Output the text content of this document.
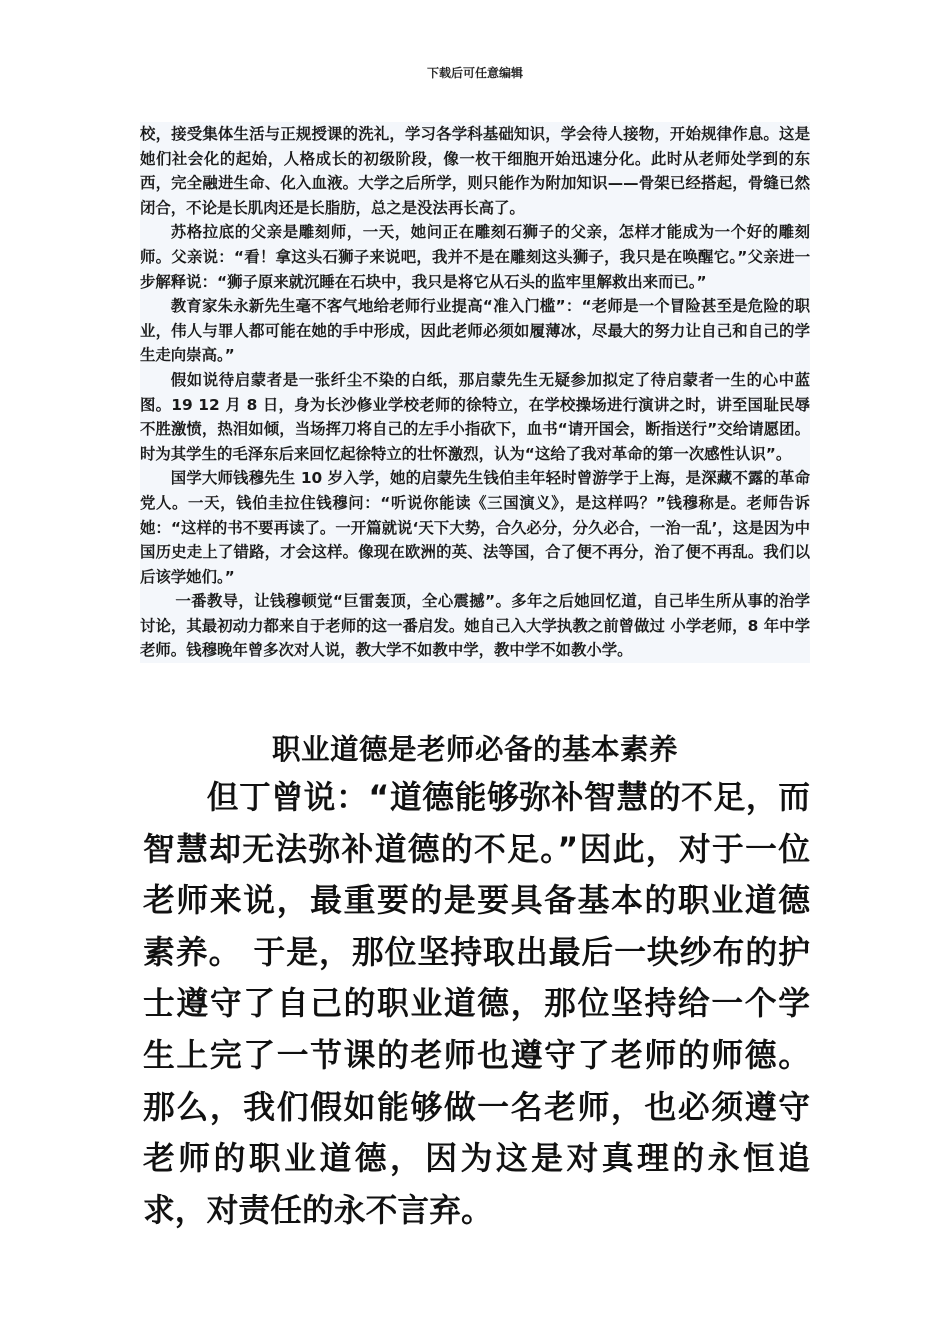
下载后可任意编辑

校，接受集体生活与正规授课的洗礼，学习各学科基础知识，学会待人接物，开始规律作息。这是她们社会化的起始，人格成长的初级阶段，像一枚干细胞开始迅速分化。此时从老师处学到的东西，完全融进生命、化入血液。大学之后所学，则只能作为附加知识——骨架已经搭起，骨缝已然闭合，不论是长肌肉还是长脂肪，总之是没法再长高了。

苏格拉底的父亲是雕刻师，一天，她问正在雕刻石狮子的父亲，怎样才能成为一个好的雕刻师。父亲说：“看！拿这头石狮子来说吧，我并不是在雕刻这头狮子，我只是在唤醒它。”父亲进一步解释说：“狮子原来就沉睡在石块中，我只是将它从石头的监牢里解救出来而已。”

教育家朱永新先生毫不客气地给老师行业提高“准入门槛”：“老师是一个冒险甚至是危险的职业，伟人与罪人都可能在她的手中形成，因此老师必须如履薄冰，尽最大的努力让自己和自己的学生走向崇高。”

假如说待启蒙者是一张纤尘不染的白纸，那启蒙先生无疑参加拟定了待启蒙者一生的心中蓝图。19 12 月 8 日，身为长沙修业学校老师的徐特立，在学校操场进行演讲之时，讲至国耻民辱不胜激愤，热泪如倾，当场挥刀将自己的左手小指砍下，血书“请开国会，断指送行”交给请愿团。时为其学生的毛泽东后来回忆起徐特立的壮怀激烈，认为“这给了我对革命的第一次感性认识”。

国学大师钱穆先生 10 岁入学，她的启蒙先生钱伯圭年轻时曾游学于上海，是深藏不露的革命党人。一天，钱伯圭拉住钱穆问：“听说你能读《三国演义》，是这样吗？”钱穆称是。老师告诉她：“这样的书不要再读了。一开篇就说‘天下大势，合久必分，分久必合，一治一乱’，这是因为中国历史走上了错路，才会这样。像现在欧洲的英、法等国，合了便不再分，治了便不再乱。我们以后该学她们。”

一番教导，让钱穆顿觉“巨雷轰顶，全心震撼”。多年之后她回忆道，自己毕生所从事的治学讨论，其最初动力都来自于老师的这一番启发。她自己入大学执教之前曾做过 小学老师，8 年中学老师。钱穆晚年曾多次对人说，教大学不如教中学，教中学不如教小学。

职业道德是老师必备的基本素养

但丁曾说：“道德能够弥补智慧的不足，而智慧却无法弥补道德的不足。”因此，对于一位老师来说，最重要的是要具备基本的职业道德素养。 于是，那位坚持取出最后一块纱布的护士遵守了自己的职业道德，那位坚持给一个学生上完了一节课的老师也遵守了老师的师德。那么，我们假如能够做一名老师，也必须遵守老师的职业道德，因为这是对真理的永恒追求，对责任的永不言弃。
